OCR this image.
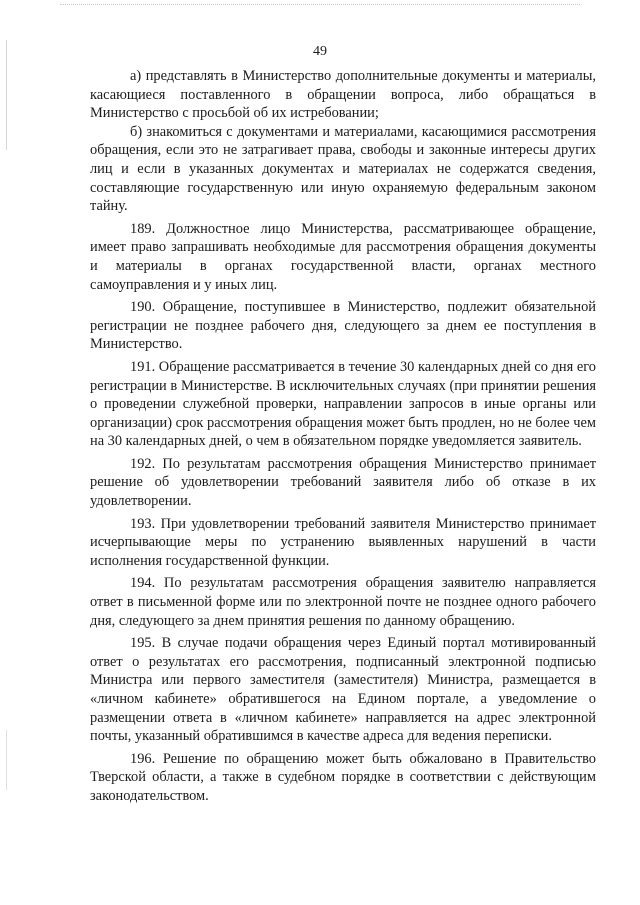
49

а) представлять в Министерство дополнительные документы и материалы, касающиеся поставленного в обращении вопроса, либо обращаться в Министерство с просьбой об их истребовании;

б) знакомиться с документами и материалами, касающимися рассмотрения обращения, если это не затрагивает права, свободы и законные интересы других лиц и если в указанных документах и материалах не содержатся сведения, составляющие государственную или иную охраняемую федеральным законом тайну.

189. Должностное лицо Министерства, рассматривающее обращение, имеет право запрашивать необходимые для рассмотрения обращения документы и материалы в органах государственной власти, органах местного самоуправления и у иных лиц.

190. Обращение, поступившее в Министерство, подлежит обязательной регистрации не позднее рабочего дня, следующего за днем ее поступления в Министерство.

191. Обращение рассматривается в течение 30 календарных дней со дня его регистрации в Министерстве. В исключительных случаях (при принятии решения о проведении служебной проверки, направлении запросов в иные органы или организации) срок рассмотрения обращения может быть продлен, но не более чем на 30 календарных дней, о чем в обязательном порядке уведомляется заявитель.

192. По результатам рассмотрения обращения Министерство принимает решение об удовлетворении требований заявителя либо об отказе в их удовлетворении.

193. При удовлетворении требований заявителя Министерство принимает исчерпывающие меры по устранению выявленных нарушений в части исполнения государственной функции.

194. По результатам рассмотрения обращения заявителю направляется ответ в письменной форме или по электронной почте не позднее одного рабочего дня, следующего за днем принятия решения по данному обращению.

195. В случае подачи обращения через Единый портал мотивированный ответ о результатах его рассмотрения, подписанный электронной подписью Министра или первого заместителя (заместителя) Министра, размещается в «личном кабинете» обратившегося на Едином портале, а уведомление о размещении ответа в «личном кабинете» направляется на адрес электронной почты, указанный обратившимся в качестве адреса для ведения переписки.

196. Решение по обращению может быть обжаловано в Правительство Тверской области, а также в судебном порядке в соответствии с действующим законодательством.
